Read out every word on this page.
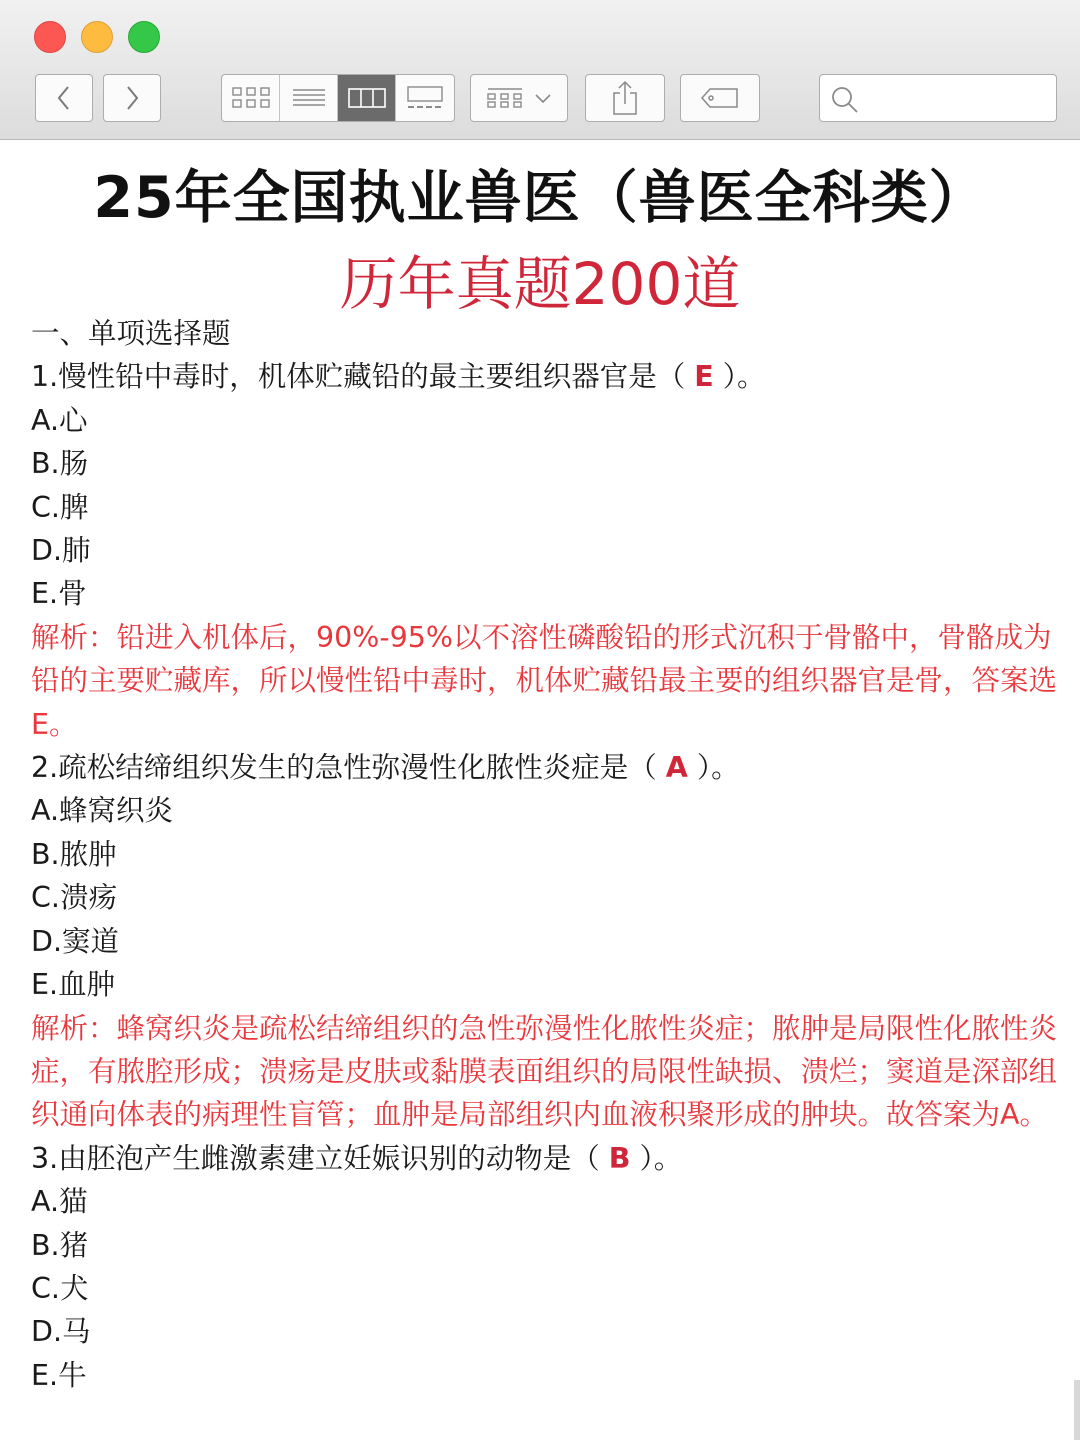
25年全国执业兽医（兽医全科类）
历年真题200道
一、单项选择题
1.慢性铅中毒时，机体贮藏铅的最主要组织器官是（ E ）。
A.心
B.肠
C.脾
D.肺
E.骨
解析：铅进入机体后，90%-95%以不溶性磷酸铅的形式沉积于骨骼中，骨骼成为铅的主要贮藏库，所以慢性铅中毒时，机体贮藏铅最主要的组织器官是骨，答案选E。
2.疏松结缔组织发生的急性弥漫性化脓性炎症是（ A ）。
A.蜂窝织炎
B.脓肿
C.溃疡
D.窦道
E.血肿
解析：蜂窝织炎是疏松结缔组织的急性弥漫性化脓性炎症；脓肿是局限性化脓性炎症，有脓腔形成；溃疡是皮肤或黏膜表面组织的局限性缺损、溃烂；窦道是深部组织通向体表的病理性盲管；血肿是局部组织内血液积聚形成的肿块。故答案为A。
3.由胚泡产生雌激素建立妊娠识别的动物是（ B ）。
A.猫
B.猪
C.犬
D.马
E.牛
